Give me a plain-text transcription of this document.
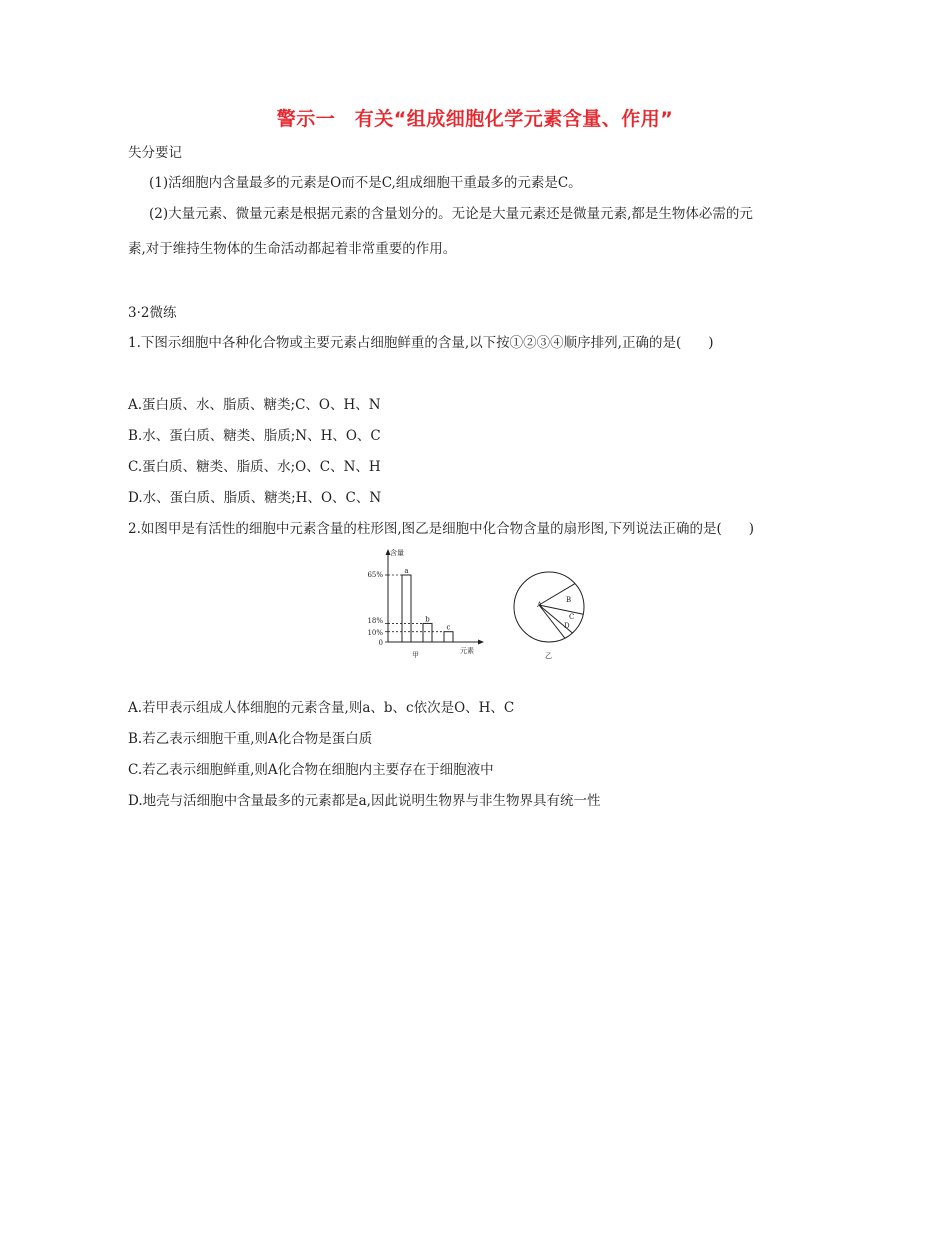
警示一　有关“组成细胞化学元素含量、作用”
失分要记
(1)活细胞内含量最多的元素是O而不是C,组成细胞干重最多的元素是C。
(2)大量元素、微量元素是根据元素的含量划分的。无论是大量元素还是微量元素,都是生物体必需的元
素,对于维持生物体的生命活动都起着非常重要的作用。
3·2微练
1.下图示细胞中各种化合物或主要元素占细胞鲜重的含量,以下按①②③④顺序排列,正确的是(　　)
A.蛋白质、水、脂质、糖类;C、O、H、N
B.水、蛋白质、糖类、脂质;N、H、O、C
C.蛋白质、糖类、脂质、水;O、C、N、H
D.水、蛋白质、脂质、糖类;H、O、C、N
2.如图甲是有活性的细胞中元素含量的柱形图,图乙是细胞中化合物含量的扇形图,下列说法正确的是(　　)
含量
元素
甲
0
10%
18%
65%	a
b
c
A
B
C
D
乙
A.若甲表示组成人体细胞的元素含量,则a、b、c依次是O、H、C
B.若乙表示细胞干重,则A化合物是蛋白质
C.若乙表示细胞鲜重,则A化合物在细胞内主要存在于细胞液中
D.地壳与活细胞中含量最多的元素都是a,因此说明生物界与非生物界具有统一性
